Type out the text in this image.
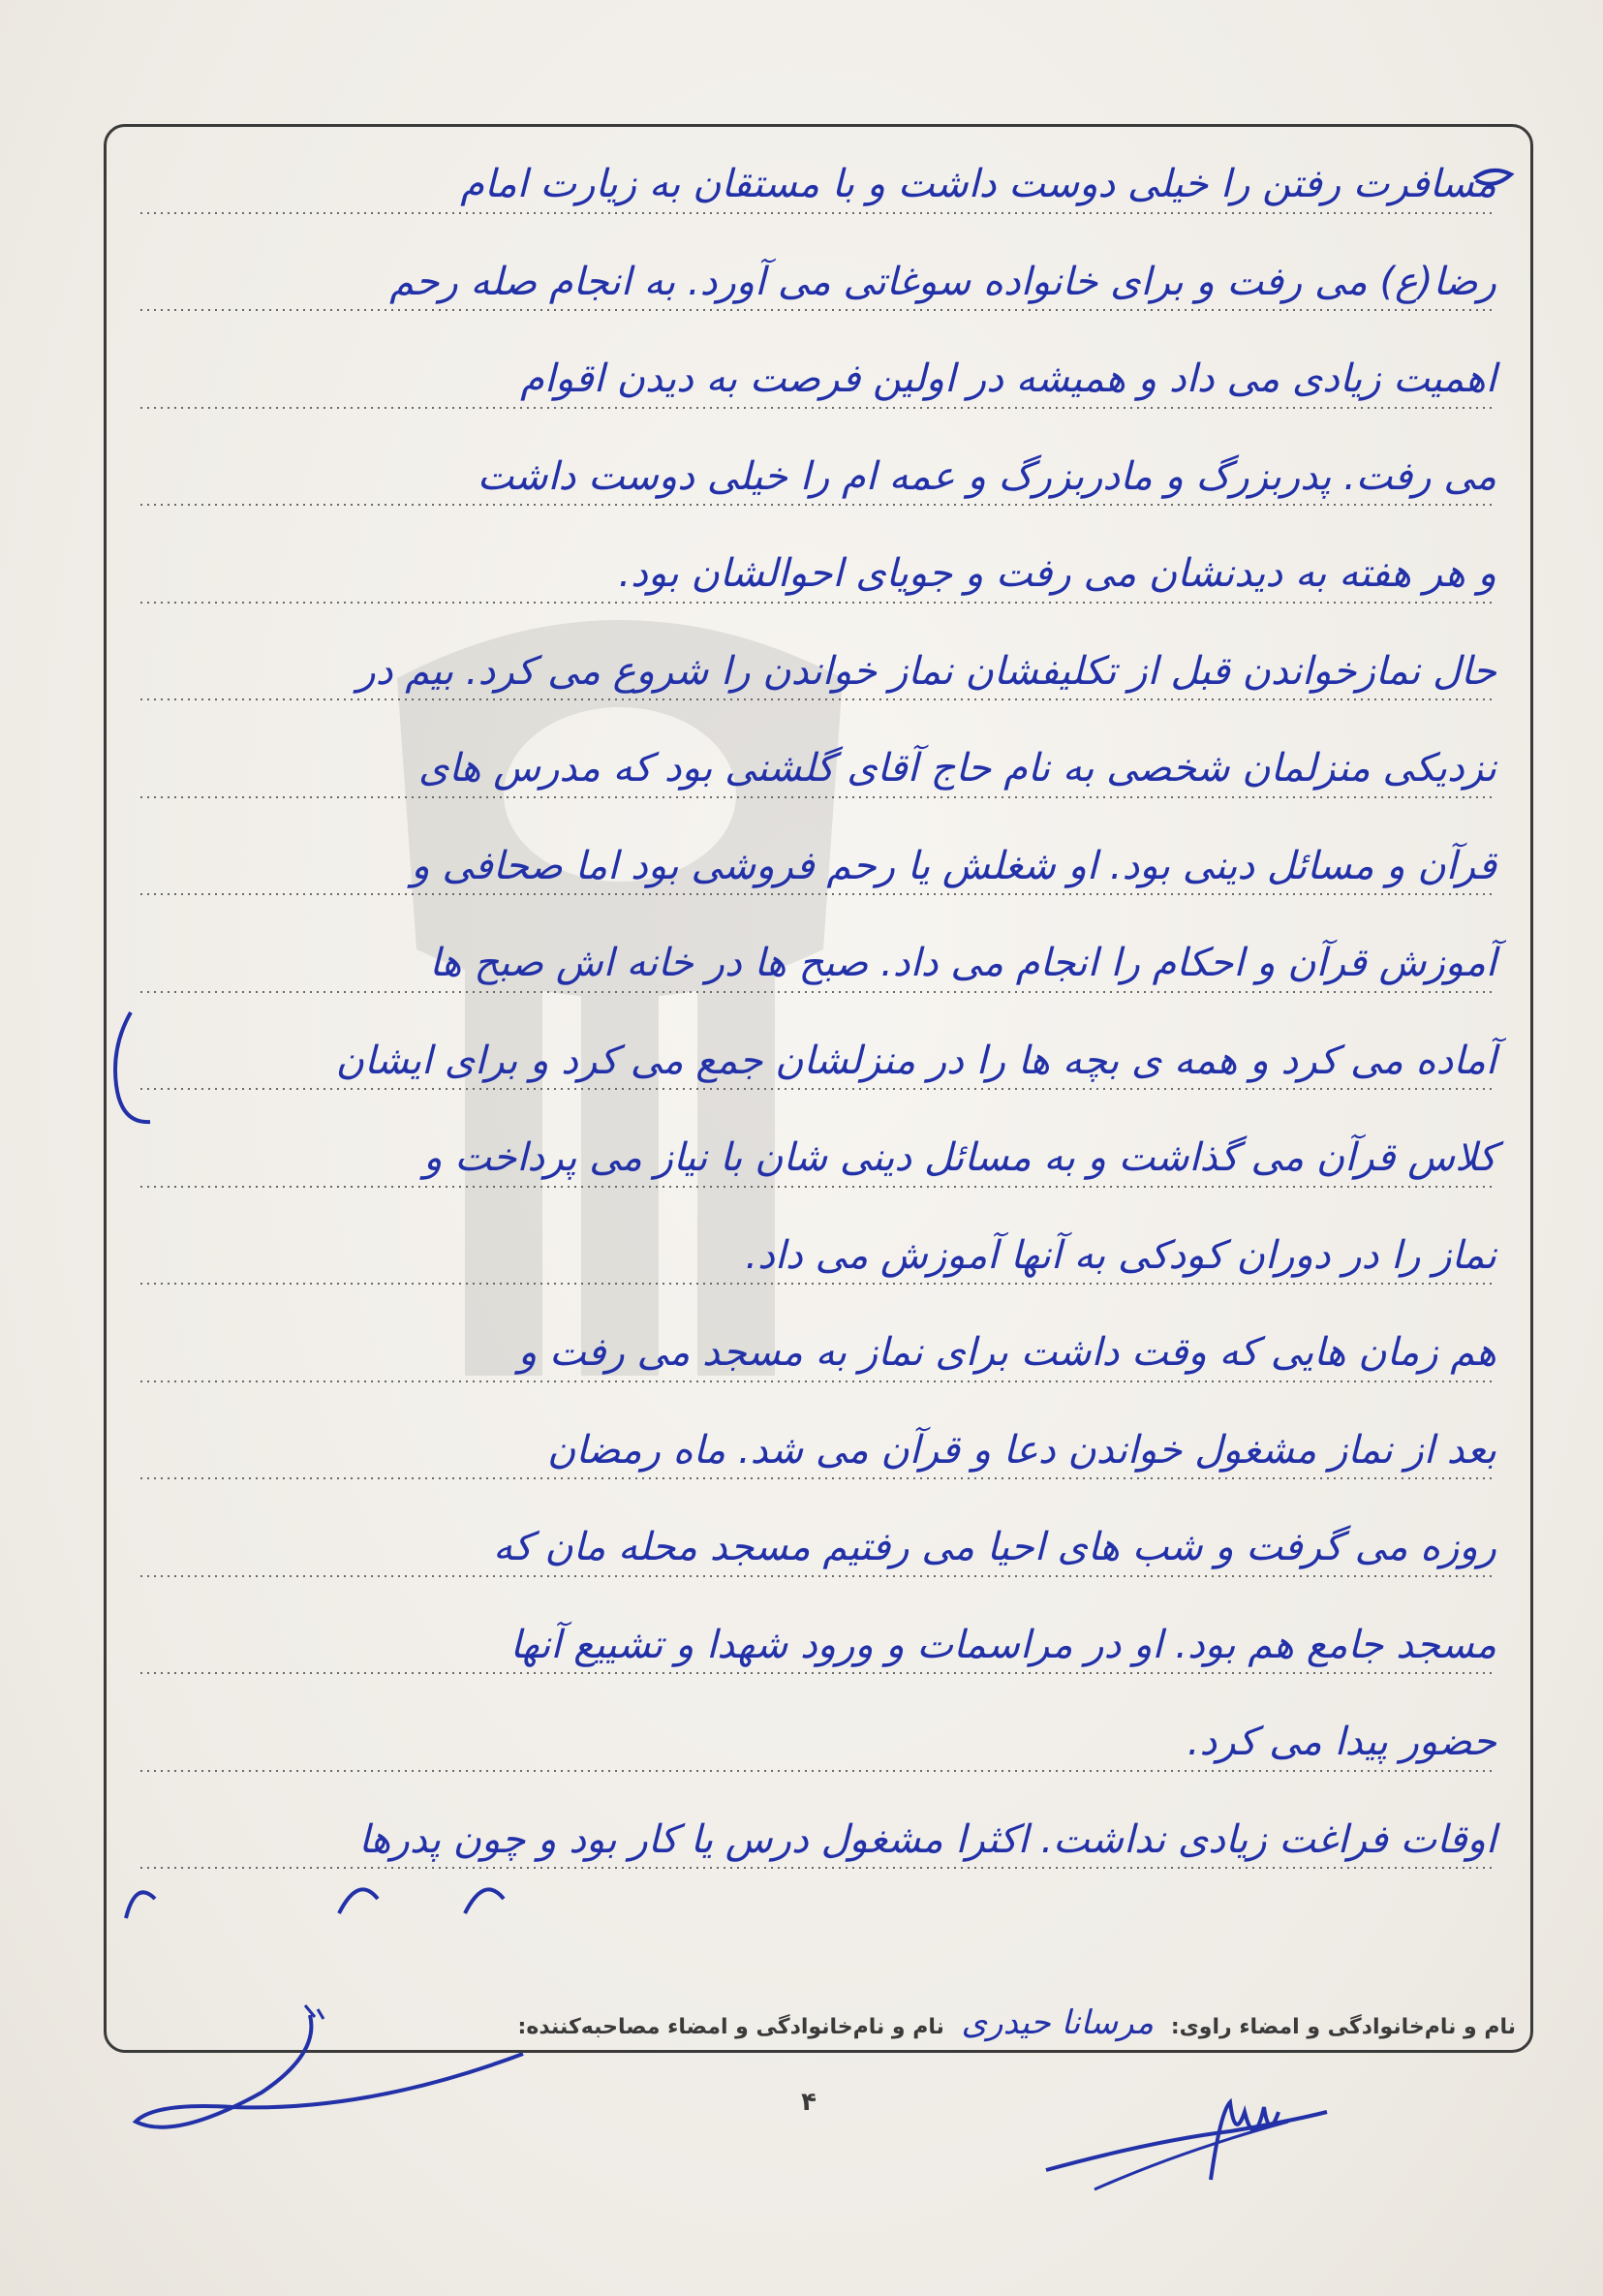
مسافرت رفتن را خیلی دوست داشت و با مستقان به زیارت امام
رضا(ع) می رفت و برای خانواده سوغاتی می آورد. به انجام صله رحم
اهمیت زیادی می داد و همیشه در اولین فرصت به دیدن اقوام
می رفت. پدربزرگ و مادربزرگ و عمه ام را خیلی دوست داشت
و هر هفته به دیدنشان می رفت و جویای احوالشان بود.
حال نمازخواندن قبل از تکلیفشان نماز خواندن را شروع می کرد. بیم در
نزدیکی منزلمان شخصی به نام حاج آقای گلشنی بود که مدرس های
قرآن و مسائل دینی بود. او شغلش یا رحم فروشی بود اما صحافی و
آموزش قرآن و احکام را انجام می داد. صبح ها در خانه اش صبح ها
آماده می کرد و همه ی بچه ها را در منزلشان جمع می کرد و برای ایشان
کلاس قرآن می گذاشت و به مسائل دینی شان با نیاز می پرداخت و
نماز را در دوران کودکی به آنها آموزش می داد.
هم زمان هایی که وقت داشت برای نماز به مسجد می رفت و
بعد از نماز مشغول خواندن دعا و قرآن می شد. ماه رمضان
روزه می گرفت و شب های احیا می رفتیم مسجد محله مان که
مسجد جامع هم بود. او در مراسمات و ورود شهدا و تشییع آنها
حضور پیدا می کرد.
اوقات فراغت زیادی نداشت. اکثرا مشغول درس یا کار بود و چون پدرها
نام و نام‌خانوادگی و امضاء راوی: مرسانا حیدری نام و نام‌خانوادگی و امضاء مصاحبه‌کننده:
۴
